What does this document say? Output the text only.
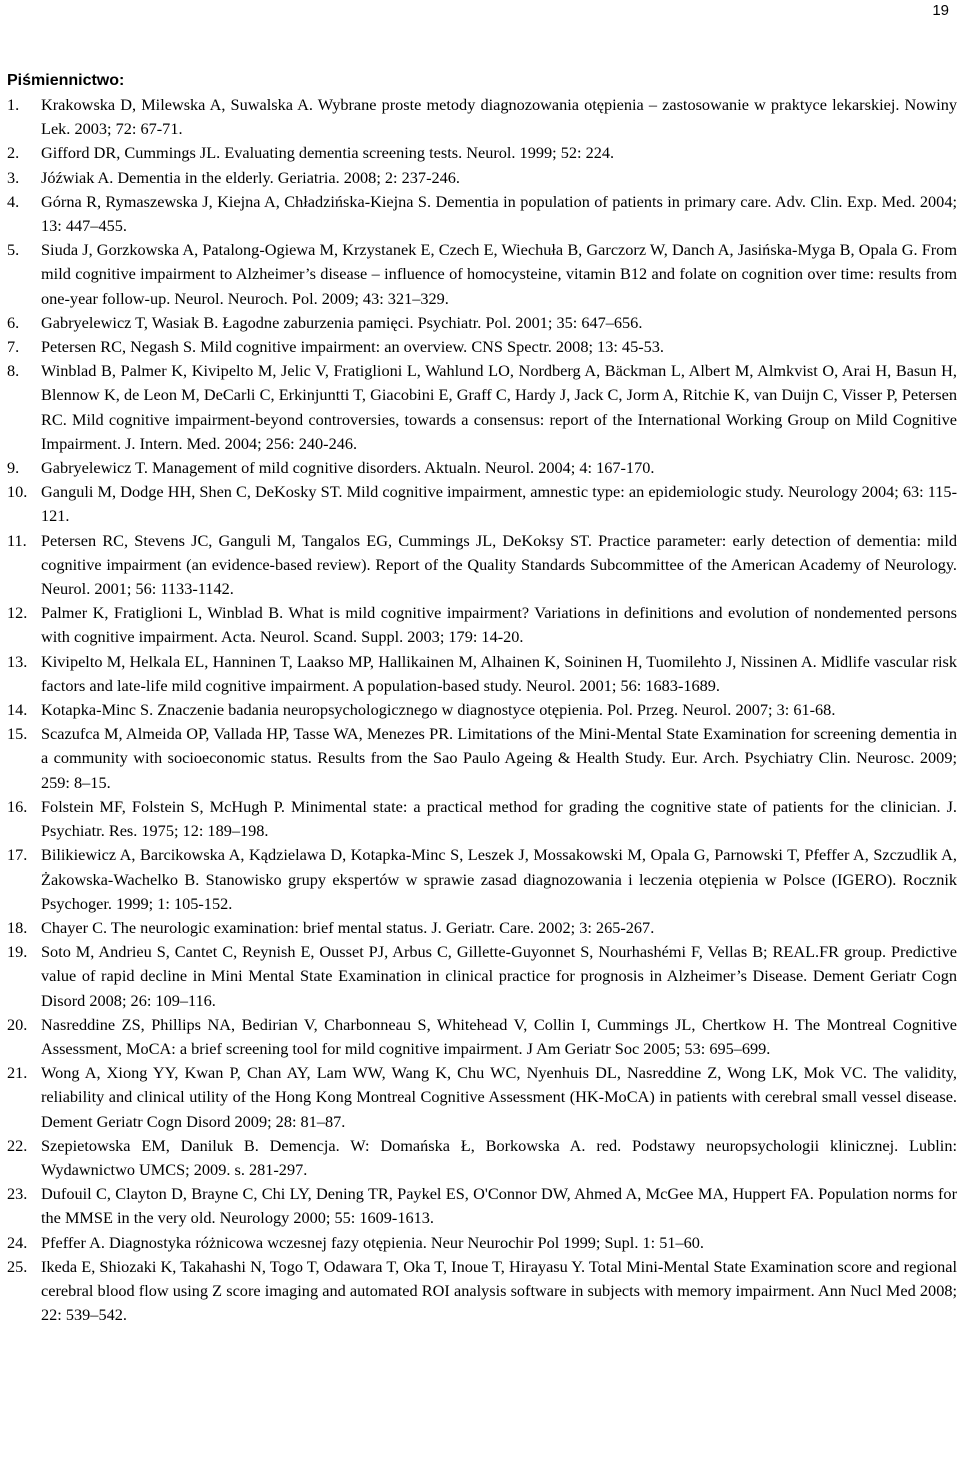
19
Piśmiennictwo:
1.	Krakowska D, Milewska A, Suwalska A. Wybrane proste metody diagnozowania otępienia – zastosowanie w praktyce lekarskiej. Nowiny Lek. 2003; 72: 67-71.
2.	Gifford DR, Cummings JL. Evaluating dementia screening tests. Neurol. 1999; 52: 224.
3.	Jóźwiak A. Dementia in the elderly. Geriatria. 2008; 2: 237-246.
4.	Górna R, Rymaszewska J, Kiejna A, Chładzińska-Kiejna S. Dementia in population of patients in primary care. Adv. Clin. Exp. Med. 2004; 13: 447–455.
5.	Siuda J, Gorzkowska A, Patalong-Ogiewa M, Krzystanek E, Czech E, Wiechuła B, Garczorz W, Danch A, Jasińska-Myga B, Opala G. From mild cognitive impairment to Alzheimer’s disease – influence of homocysteine, vitamin B12 and folate on cognition over time: results from one-year follow-up. Neurol. Neuroch. Pol. 2009; 43: 321–329.
6.	Gabryelewicz T, Wasiak B. Łagodne zaburzenia pamięci. Psychiatr. Pol. 2001; 35: 647–656.
7.	Petersen RC, Negash S. Mild cognitive impairment: an overview. CNS Spectr. 2008; 13: 45-53.
8.	Winblad B, Palmer K, Kivipelto M, Jelic V, Fratiglioni L, Wahlund LO, Nordberg A, Bäckman L, Albert M, Almkvist O, Arai H, Basun H, Blennow K, de Leon M, DeCarli C, Erkinjuntti T, Giacobini E, Graff C, Hardy J, Jack C, Jorm A, Ritchie K, van Duijn C, Visser P, Petersen RC. Mild cognitive impairment-beyond controversies, towards a consensus: report of the International Working Group on Mild Cognitive Impairment. J. Intern. Med. 2004; 256: 240-246.
9.	Gabryelewicz T. Management of mild cognitive disorders. Aktualn. Neurol. 2004; 4: 167-170.
10. Ganguli M, Dodge HH, Shen C, DeKosky ST. Mild cognitive impairment, amnestic type: an epidemiologic study. Neurology 2004; 63: 115-121.
11. Petersen RC, Stevens JC, Ganguli M, Tangalos EG, Cummings JL, DeKoksy ST. Practice parameter: early detection of dementia: mild cognitive impairment (an evidence-based review). Report of the Quality Standards Subcommittee of the American Academy of Neurology. Neurol. 2001; 56: 1133-1142.
12. Palmer K, Fratiglioni L, Winblad B. What is mild cognitive impairment? Variations in definitions and evolution of nondemented persons with cognitive impairment. Acta. Neurol. Scand. Suppl. 2003; 179: 14-20.
13. Kivipelto M, Helkala EL, Hanninen T, Laakso MP, Hallikainen M, Alhainen K, Soininen H, Tuomilehto J, Nissinen A. Midlife vascular risk factors and late-life mild cognitive impairment. A population-based study. Neurol. 2001; 56: 1683-1689.
14. Kotapka-Minc S. Znaczenie badania neuropsychologicznego w diagnostyce otępienia. Pol. Przeg. Neurol. 2007; 3: 61-68.
15. Scazufca M, Almeida OP, Vallada HP, Tasse WA, Menezes PR. Limitations of the Mini-Mental State Examination for screening dementia in a community with socioeconomic status. Results from the Sao Paulo Ageing & Health Study. Eur. Arch. Psychiatry Clin. Neurosc. 2009; 259: 8–15.
16. Folstein MF, Folstein S, McHugh P. Minimental state: a practical method for grading the cognitive state of patients for the clinician. J. Psychiatr. Res. 1975; 12: 189–198.
17. Bilikiewicz A, Barcikowska A, Kądzielawa D, Kotapka-Minc S, Leszek J, Mossakowski M, Opala G, Parnowski T, Pfeffer A, Szczudlik A, Żakowska-Wachelko B. Stanowisko grupy ekspertów w sprawie zasad diagnozowania i leczenia otępienia w Polsce (IGERO). Rocznik Psychoger. 1999; 1: 105-152.
18. Chayer C. The neurologic examination: brief mental status. J. Geriatr. Care. 2002; 3: 265-267.
19. Soto M, Andrieu S, Cantet C, Reynish E, Ousset PJ, Arbus C, Gillette-Guyonnet S, Nourhashémi F, Vellas B; REAL.FR group. Predictive value of rapid decline in Mini Mental State Examination in clinical practice for prognosis in Alzheimer’s Disease. Dement Geriatr Cogn Disord 2008; 26: 109–116.
20. Nasreddine ZS, Phillips NA, Bedirian V, Charbonneau S, Whitehead V, Collin I, Cummings JL, Chertkow H. The Montreal Cognitive Assessment, MoCA: a brief screening tool for mild cognitive impairment. J Am Geriatr Soc 2005; 53: 695–699.
21. Wong A, Xiong YY, Kwan P, Chan AY, Lam WW, Wang K, Chu WC, Nyenhuis DL, Nasreddine Z, Wong LK, Mok VC. The validity, reliability and clinical utility of the Hong Kong Montreal Cognitive Assessment (HK-MoCA) in patients with cerebral small vessel disease. Dement Geriatr Cogn Disord 2009; 28: 81–87.
22. Szepietowska EM, Daniluk B. Demencja. W: Domańska Ł, Borkowska A. red. Podstawy neuropsychologii klinicznej. Lublin: Wydawnictwo UMCS; 2009. s. 281-297.
23. Dufouil C, Clayton D, Brayne C, Chi LY, Dening TR, Paykel ES, O'Connor DW, Ahmed A, McGee MA, Huppert FA. Population norms for the MMSE in the very old. Neurology 2000; 55: 1609-1613.
24. Pfeffer A. Diagnostyka różnicowa wczesnej fazy otępienia. Neur Neurochir Pol 1999; Supl. 1: 51–60.
25. Ikeda E, Shiozaki K, Takahashi N, Togo T, Odawara T, Oka T, Inoue T, Hirayasu Y. Total Mini-Mental State Examination score and regional cerebral blood flow using Z score imaging and automated ROI analysis software in subjects with memory impairment. Ann Nucl Med 2008; 22: 539–542.
